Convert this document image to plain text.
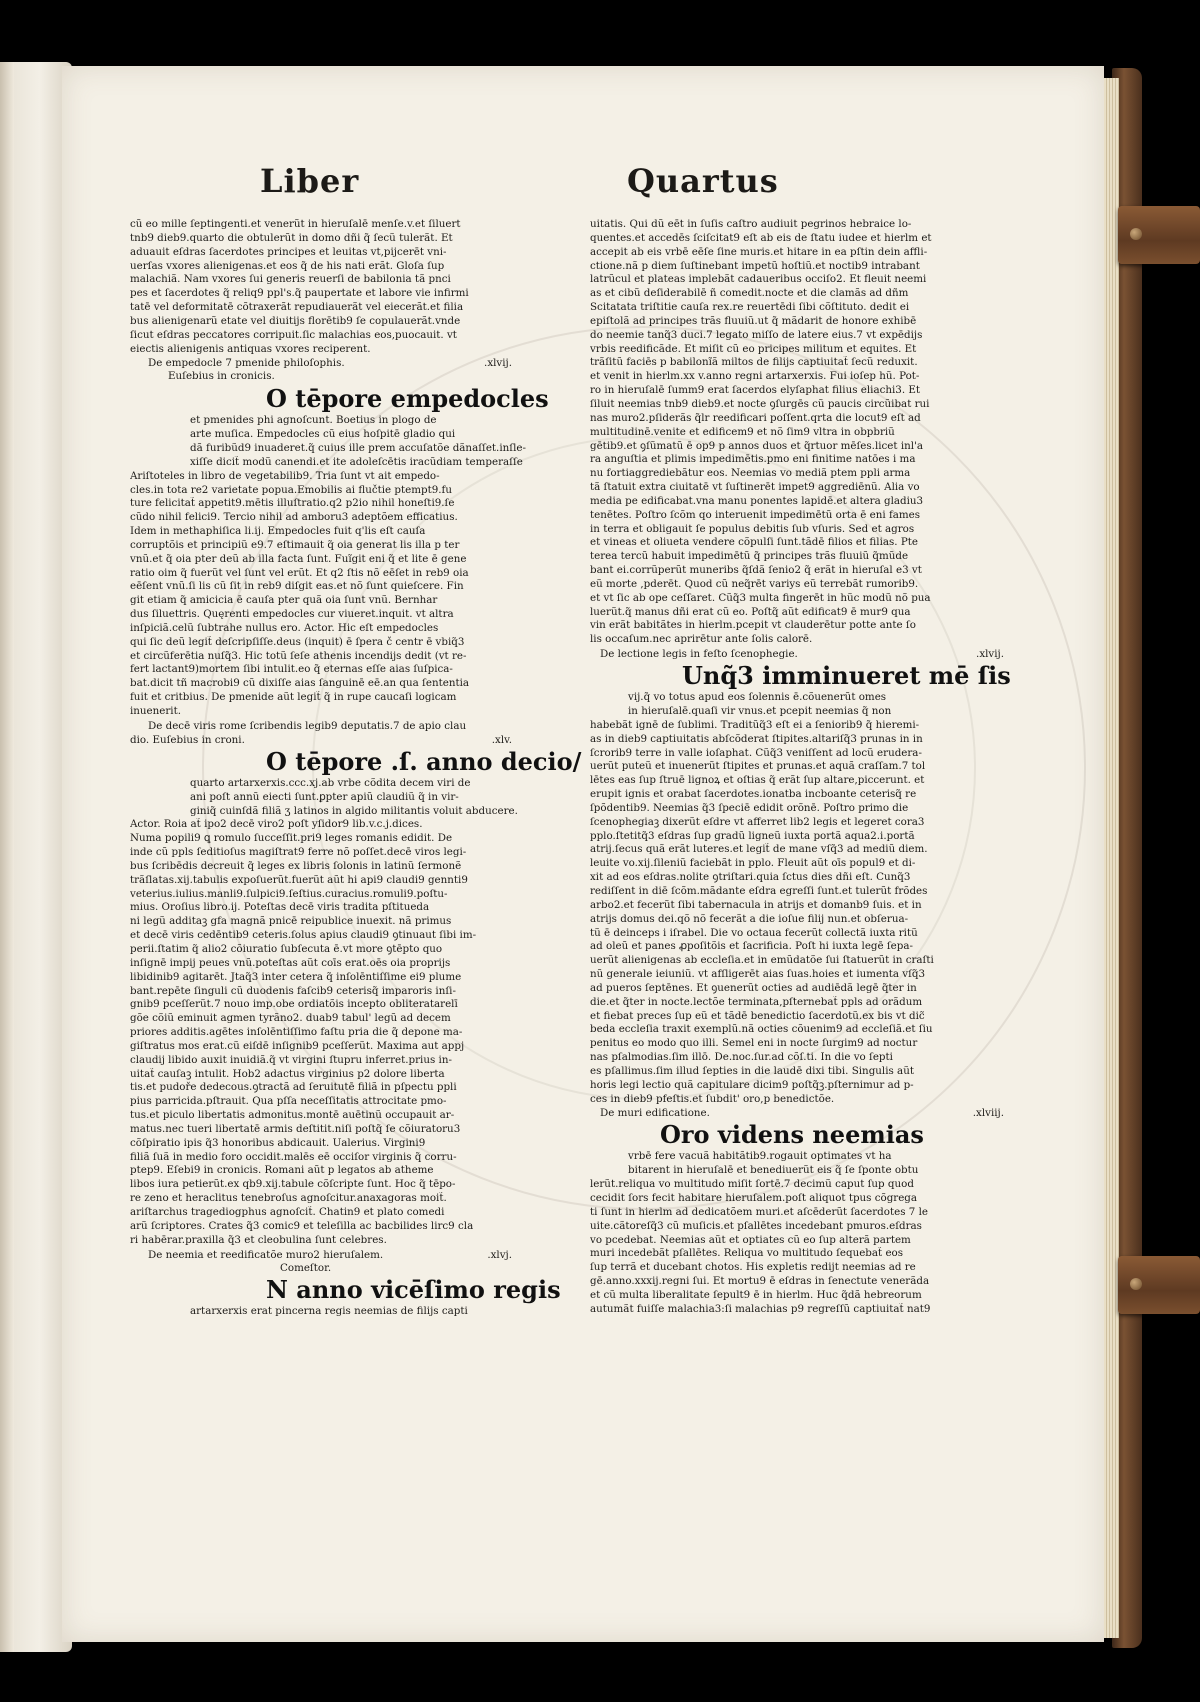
Liber	Quartus
cũ eo mille ſeptingenti.et venerũt in hieruſalē menſe.v.et ſiluert
tnb9 dieb9.quarto die obtulerũt in domo dñi q̃ ſecũ tulerãt. Et
aduauit eſdras ſacerdotes principes et leuitas vt,pijcerēt vni-
uerſas vxores alienigenas.et eos q̃ de his nati erãt. Gloſa ſup
malachiã. Nam vxores ſui generis reuerſi de babilonia tã pnci
pes et ſacerdotes q̃ reliq9 ppl's.q̃ paupertate et labore vie infirmi
tatē vel deformitatē cõtraxerãt repudiauerãt vel eiecerãt.et filia
bus alienigenarũ etate vel diuitijs florētib9 ſe copulauerãt.vnde
ſicut eſdras peccatores corripuit.ſic malachias eos,puocauit. vt
eiectis alienigenis antiquas vxores reciperent.
De empedocle 7 pmenide philoſophis.	.xlvij.
Euſebius in cronicis.
O tēpore empedocles
et pmenides phi agnoſcunt. Boetius in plogo de
arte muſica. Empedocles cũ eius hoſpitē gladio qui
dã furibũd9 inuaderet.q̃ cuius ille prem accuſatõe dãnaſſet.inſle-
xiſſe dicit̃ modũ canendi.et ite adoleſcētis iracũdiam temperaſſe
Ariſtoteles in libro de vegetabilib9. Tria ſunt vt ait empedo-
cles.in tota re2 varietate popua.Emobilis ai flučtie ptempt9.fu
ture felicitat̃ appetit9.mētis illuſtratio.q2 p2io nihil honeſti9.ſe
cũdo nihil felici9. Tercio nihil ad amboru3 adeptõem efficatius.
Idem in methaphiſica li.ij. Empedocles fuit q'lis eſt cauſa
corruptõis et principiũ e9.7 eſtimauit q̃ oia generat lis illa p ter
vnũ.et q̃ oia pter deũ ab illa facta ſunt. Fuĩgit eni q̃ et lite ē gene
ratio oim q̃ fuerũt vel ſunt vel erũt. Et q2 ſtis nõ eēſet in reb9 oia
eēſent vnũ.ſi lis cũ ſit in reb9 diſgit eas.et nõ ſunt quieſcere. Fin
git etiam q̃ amicicia ē cauſa pter quã oia ſunt vnũ. Bernhar
dus ſiluettris. Quęrenti empedocles cur viueret.inquit. vt altra
inſpiciã.celũ ſubtrahe nullus ero. Actor. Hic eſt empedocles
qui ſic deũ legit̃ deſcripſiſſe.deus (inquit) ē ſpera č centr ē vbiq̃3
et circũferētia nuſq̃3. Hic totũ ſeſe athenis incendijs dedit (vt re-
fert lactant9)mortem ſibi intulit.eo q̃ eternas eſſe aias ſuſpica-
bat.dicit tñ macrobi9 cũ dixiſſe aias ſanguinē eē.an qua ſententia
fuit et critbius. De pmenide aũt legit̃ q̃ in rupe caucaſi logicam
inuenerit.
De decē viris rome ſcribendis legib9 deputatis.7 de apio clau
dio. Euſebius in croni.	.xlv.
O tēpore .ſ. anno decio/
quarto artarxerxis.ccc.xj.ab vrbe cõdita decem viri de
ani poſt annũ eiecti ſunt.ꝑpter apiũ claudiũ q̃ in vir-
giniq̃ cuinſdã filiã ʒ latinos in algido militantis voluit abducere.
Actor. Roia at̃ ipo2 decē viro2 poſt yſidor9 lib.v.c.j.dices.
Numa popili9 ꝗ romulo ſucceſſit.pri9 leges romanis edidit. De
inde cũ ppls ſeditioſus magiſtrat9 ferre nõ poſſet.decē viros legi-
bus ſcribēdis decreuit q̃ leges ex libris ſolonis in latinũ ſermonẽ
trãſlatas.xij.tabulis expoſuerũt.fuerũt aũt hi api9 claudi9 gennti9
veterius.iulius.manli9.ſulpici9.ſeſtius.curacius.romuli9.poſtu-
mius. Oroſius libro.ij. Poteſtas decē viris tradita pſtitueda
ni legũ additaꝫ gfa magnã pnicē reipublice inuexit. nã primus
et decē viris cedēntib9 ceteris.ſolus apius claudi9 ꝯtinuaut ſibi im-
perii.ſtatim q̃ alio2 cõiuratio ſubſecuta ē.vt more ꝯtēpto quo
inſignē impij peues vnũ.poteſtas aũt coīs erat.oēs oia proprijs
libidinib9 agitarēt. Jtaq̃3 inter cetera q̃ inſolēntiſſime ei9 plume
bant.repēte ſinguli cũ duodenis faſcib9 ceterisq̃ imparoris inſi-
gnib9 pceſſerũt.7 nouo imp.obe ordiatõis incepto obliteratarelī
gõe cõiũ eminuit agmen tyrãno2. duab9 tabul' legũ ad decem
priores additis.agētes inſolēntiſſimo faſtu pria die q̃ depone ma-
giſtratus mos erat.cũ eiſdē inſignib9 pceſſerũt. Maxima aut appj
claudij libido auxit inuidiã.q̃ vt virgini ſtupru inferret.prius in-
uitat̃ cauſaꝫ intulit. Hob2 adactus virginius p2 dolore liberta
tis.et pudoře dedecous.ꝯtractã ad ſeruitutē filiã in pſpectu ppli
pius parricida.pſtrauit. Qua pſſa neceſſitatis attrocitate pmo-
tus.et piculo libertatis admonitus.montē auētinũ occupauit ar-
matus.nec tueri libertatē armis deſtitit.niſi poſtq̃ ſe cõiuratoru3
cõſpiratio ipis q̃3 honoribus abdicauit. Ualerius. Virgini9
filiã ſuã in medio foro occidit.malēs eē occiſor virginis q̃ corru-
ptep9. Eſebi9 in cronicis. Romani aũt p legatos ab atheme
libos iura petierũt.ex qb9.xij.tabule cõſcripte ſunt. Hoc q̃ tēpo-
re zeno et heraclitus tenebroſus agnoſcitur.anaxagoras moit̃.
ariſtarchus tragediogphus agnoſcit̃. Chatin9 et plato comedi
arũ ſcriptores. Crates q̃3 comic9 et teleſilla ac bacbilides lirc9 cla
ri habērar.praxilla q̃3 et cleobulina ſunt celebres.
De neemia et reedificatõe muro2 hieruſalem.	.xlvj.
Comeſtor.
N anno vicēſimo regis
artarxerxis erat pincerna regis neemias de filijs capti
uitatis. Qui dũ eēt in ſuſis caſtro audiuit pegrinos hebraice lo-
quentes.et accedēs ſciſcitat9 eſt ab eis de ſtatu iudee et hierlm et
accepit ab eis vrbē eēſe ſine muris.et hitare in ea pſtin dein affli-
ctione.nã p diem ſuſtinebant impetũ hoſtiũ.et noctib9 intrabant
latrũcul et plateas implebãt cadaueribus occiſo2. Et fleuit neemi
as et cibũ deſiderabilē ñ comedit.nocte et die clamãs ad dñm
Scitatata triſtitie cauſa rex.re reuertēdi ſibi cõſtituto. dedit ei
epiſtolã ad principes trãs fluuiũ.ut q̃ mãdarit de honore exhibē
do neemie tanq̃3 duci.7 legato miſſo de latere eius.7 vt expēdijs
vrbis reedificãde. Et miſit cũ eo pricipes militum et equites. Et
trãſitũ faciēs p babilonĩã miltos de filijs captiuitat̃ ſecũ reduxit.
et venit in hierlm.xx v.anno regni artarxerxis. Fui ioſep hũ. Pot-
ro in hieruſalē ſumm9 erat ſacerdos elyſaphat filius eliachi3. Et
ſiluit neemias tnb9 dieb9.et nocte ꝯſurgēs cũ paucis circũibat rui
nas muro2.pſiderãs q̃lr reedificari poſſent.qrta die locut9 eſt ad
multitudinē.venite et edificem9 et nõ ſim9 vltra in obpbriũ
gētib9.et ꝯſũmatũ ē op9 p annos duos et q̃rtuor mēſes.licet inl'a
ra anguſtia et plimis impedimētis.pmo eni finitime natōes i ma
nu fortiaggrediebãtur eos. Neemias vo mediã ptem ppli arma
tã ſtatuit extra ciuitatē vt ſuſtinerēt impet9 aggrediēnũ. Alia vo
media pe edificabat.vna manu ponentes lapidē.et altera gladiu3
tenētes. Poſtro ſcõm qo interuenit impedimētũ orta ē eni fames
in terra et obligauit ſe populus debitis ſub vſuris. Sed et agros
et vineas et oliueta vendere cõpulſi ſunt.tãdē filios et filias. Pte
terea tercũ habuit impedimētũ q̃ principes trãs fluuiũ q̃mũde
bant ei.corrũperũt muneribs q̃ſdã ſenio2 q̃ erãt in hieruſal e3 vt
eũ morte ,pderēt. Quod cũ neq̃rēt variys eũ terrebãt rumorib9.
et vt ſic ab ope ceſſaret. Cũq̃3 multa fingerēt in hũc modũ nõ pua
luerũt.q̃ manus dñi erat cũ eo. Poſtq̃ aũt edificat9 ē mur9 qua
vin erãt babitãtes in hierlm.pcepit vt clauderētur potte ante ſo
lis occaſum.nec aprirētur ante ſolis calorē.
De lectione legis in feſto ſcenophegie.	.xlvij.
Unq̃3 imminueret mē ſis
vij.q̃ vo totus apud eos ſolennis ē.cõuenerũt omes
in hieruſalē.quaſi vir vnus.et pcepit neemias q̃ non
habebãt ignē de ſublimi. Traditũq̃3 eſt ei a ſeniorib9 q̃ hieremi-
as in dieb9 captiuitatis abſcõderat ſtipites.altariſq̃3 prunas in in
ſcrorib9 terre in valle ioſaphat. Cũq̃3 veniſſent ad locũ erudera-
uerũt puteũ et inuenerũt ſtipites et prunas.et aquã craſſam.7 tol
lētes eas ſup ſtruē lignoꝝ et oſtias q̃ erãt ſup altare,piccerunt. et
erupit ignis et orabat ſacerdotes.ionatba incboante ceterisq̃ re
ſpõdentib9. Neemias q̃3 ſpeciē edidit orõnē. Poſtro primo die
ſcenophegiaꝫ dixerũt eſdre vt afferret lib2 legis et legeret cora3
pplo.ſtetitq̃3 eſdras ſup gradũ ligneũ iuxta portã aqua2.i.portã
atrij.ſecus quã erãt luteres.et legit̃ de mane vſq̃3 ad mediũ diem.
leuite vo.xij.ſileniũ faciebãt in pplo. Fleuit aũt oīs popul9 et di-
xit ad eos eſdras.nolite ꝯtriſtari.quia ſctus dies dñi eſt. Cunq̃3
rediſſent in diē ſcõm.mãdante eſdra egreſſi ſunt.et tulerũt frõdes
arbo2.et fecerũt ſibi tabernacula in atrijs et domanb9 ſuis. et in
atrijs domus dei.qõ nõ fecerãt a die ioſue filij nun.et obſerua-
tũ ē deinceps i iſrabel. Die vo octaua fecerũt collectã iuxta ritũ
ad oleũ et panes ꝓpoſitõis et ſacrificia. Poſt hi iuxta legē ſepa-
uerũt alienigenas ab eccleſia.et in emũdatõe ſui ſtatuerũt in craſti
nũ generale ieiuniũ. vt afſligerēt aias ſuas.hoies et iumenta vſq̃3
ad pueros ſeptēnes. Et ꝯuenerũt octies ad audiēdã legē q̃ter in
die.et q̃ter in nocte.lectõe terminata,pſternebat̃ ppls ad orãdum
et fiebat preces ſup eũ et tãdē benedictio ſacerdotũ.ex bis vt dic̃
beda eccleſia traxit exemplũ.nã octies cõuenim9 ad eccleſiã.et ſiu
penitus eo modo quo illi. Semel eni in nocte ſurgim9 ad noctur
nas pſalmodias.ſim illō. De.noc.ſur.ad cõſ.ti. In die vo ſepti
es pſallimus.ſim illud ſepties in die laudē dixi tibi. Singulis aũt
horis legi lectio quã capitulare dicim9 poſtq̃ꝫ.pſternimur ad p-
ces in dieb9 pfeſtis.et ſubdit' oro,p benedictõe.
De muri edificatione.	.xlviij.
Oro videns neemias
vrbē fere vacuã habitãtib9.rogauit optimates vt ha
bitarent in hieruſalē et benediuerũt eis q̃ ſe ſponte obtu
lerũt.reliqua vo multitudo miſit ſortē.7 decimũ caput ſup quod
cecidit ſors fecit habitare hieruſalem.poſt aliquot tpus cõgrega
ti ſunt in hierlm ad dedicatõem muri.et aſcēderũt ſacerdotes 7 le
uite.cãtoreſq̃3 cũ muſicis.et pſallētes incedebant pmuros.eſdras
vo pcedebat. Neemias aũt et optiates cũ eo ſup alterã partem
muri incedebãt pſallētes. Reliqua vo multitudo ſequebat̃ eos
ſup terrã et ducebant chotos. His expletis redijt neemias ad re
gē.anno.xxxij.regni ſui. Et mortu9 ē eſdras in ſenectute venerãda
et cũ multa liberalitate ſepult9 ē in hierlm. Huc q̃dã hebreorum
autumãt fuiſſe malachia3:ſi malachias p9 regreſſũ captiuitat̃ nat9
